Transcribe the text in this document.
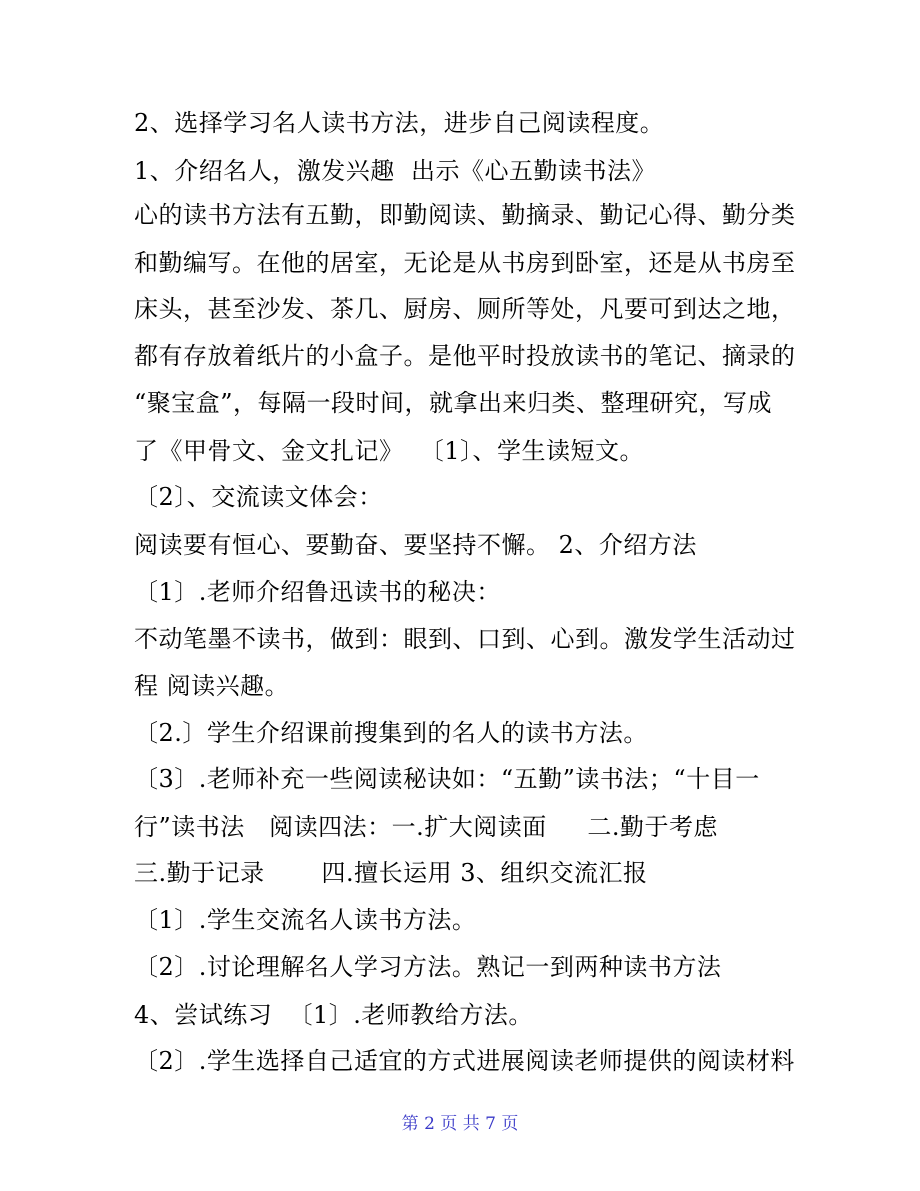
2、选择学习名人读书方法，进步自己阅读程度。
1、介绍名人，激发兴趣  出示《心五勤读书法》
心的读书方法有五勤，即勤阅读、勤摘录、勤记心得、勤分类
和勤编写。在他的居室，无论是从书房到卧室，还是从书房至
床头，甚至沙发、茶几、厨房、厕所等处，凡要可到达之地，
都有存放着纸片的小盒子。是他平时投放读书的笔记、摘录的
“聚宝盒”，每隔一段时间，就拿出来归类、整理研究，写成
了《甲骨文、金文扎记》  〔1〕、学生读短文。
〔2〕、交流读文体会：
阅读要有恒心、要勤奋、要坚持不懈。 2、介绍方法
〔1〕.老师介绍鲁迅读书的秘决：
不动笔墨不读书，做到：眼到、口到、心到。激发学生活动过
程 阅读兴趣。
〔2.〕学生介绍课前搜集到的名人的读书方法。
〔3〕.老师补充一些阅读秘诀如：“五勤”读书法；“十目一
行”读书法   阅读四法：一.扩大阅读面     二.勤于考虑
三.勤于记录       四.擅长运用 3、组织交流汇报
〔1〕.学生交流名人读书方法。
〔2〕.讨论理解名人学习方法。熟记一到两种读书方法
4、尝试练习  〔1〕.老师教给方法。
〔2〕.学生选择自己适宜的方式进展阅读老师提供的阅读材料
第 2 页 共 7 页
